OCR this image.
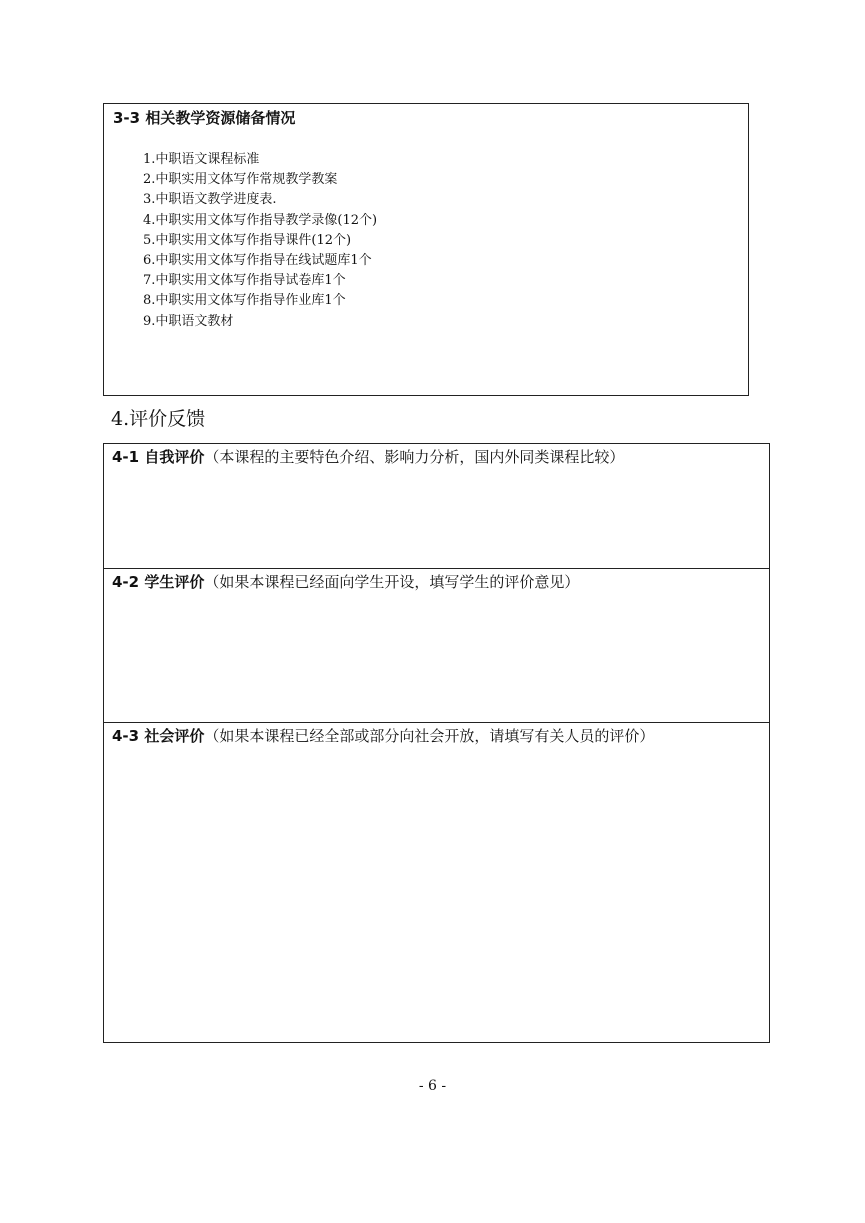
3-3 相关教学资源储备情况
1.中职语文课程标准
2.中职实用文体写作常规教学教案
3.中职语文教学进度表.
4.中职实用文体写作指导教学录像(12个)
5.中职实用文体写作指导课件(12个)
6.中职实用文体写作指导在线试题库1个
7.中职实用文体写作指导试卷库1个
8.中职实用文体写作指导作业库1个
9.中职语文教材
4.评价反馈
4-1 自我评价（本课程的主要特色介绍、影响力分析，国内外同类课程比较）
4-2 学生评价（如果本课程已经面向学生开设，填写学生的评价意见）
4-3 社会评价（如果本课程已经全部或部分向社会开放，请填写有关人员的评价）
- 6 -
